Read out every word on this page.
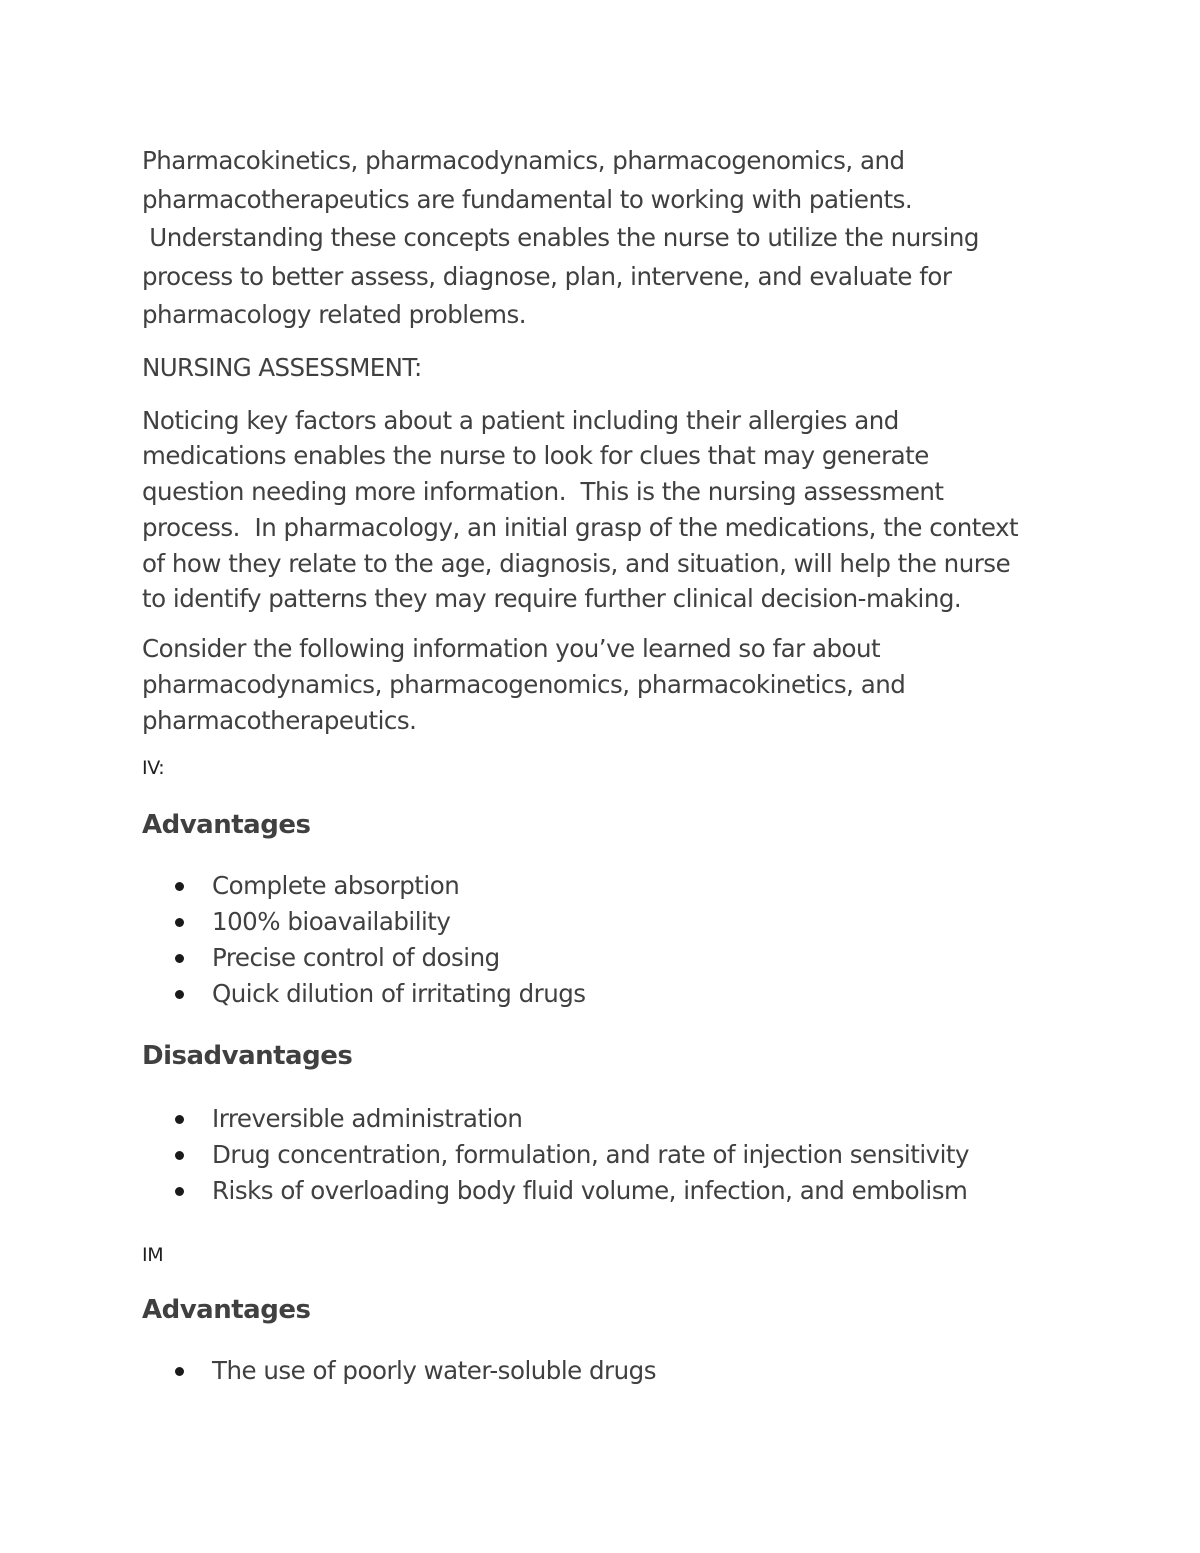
Pharmacokinetics, pharmacodynamics, pharmacogenomics, and

pharmacotherapeutics are fundamental to working with patients.

Understanding these concepts enables the nurse to utilize the nursing

process to better assess, diagnose, plan, intervene, and evaluate for

pharmacology related problems.

NURSING ASSESSMENT:

Noticing key factors about a patient including their allergies and

medications enables the nurse to look for clues that may generate

question needing more information.  This is the nursing assessment

process.  In pharmacology, an initial grasp of the medications, the context

of how they relate to the age, diagnosis, and situation, will help the nurse

to identify patterns they may require further clinical decision-making.

Consider the following information you’ve learned so far about

pharmacodynamics, pharmacogenomics, pharmacokinetics, and

pharmacotherapeutics.

IV:

Advantages
Complete absorption
100% bioavailability
Precise control of dosing
Quick dilution of irritating drugs
Disadvantages
Irreversible administration
Drug concentration, formulation, and rate of injection sensitivity
Risks of overloading body fluid volume, infection, and embolism

IM

Advantages
The use of poorly water-soluble drugs
